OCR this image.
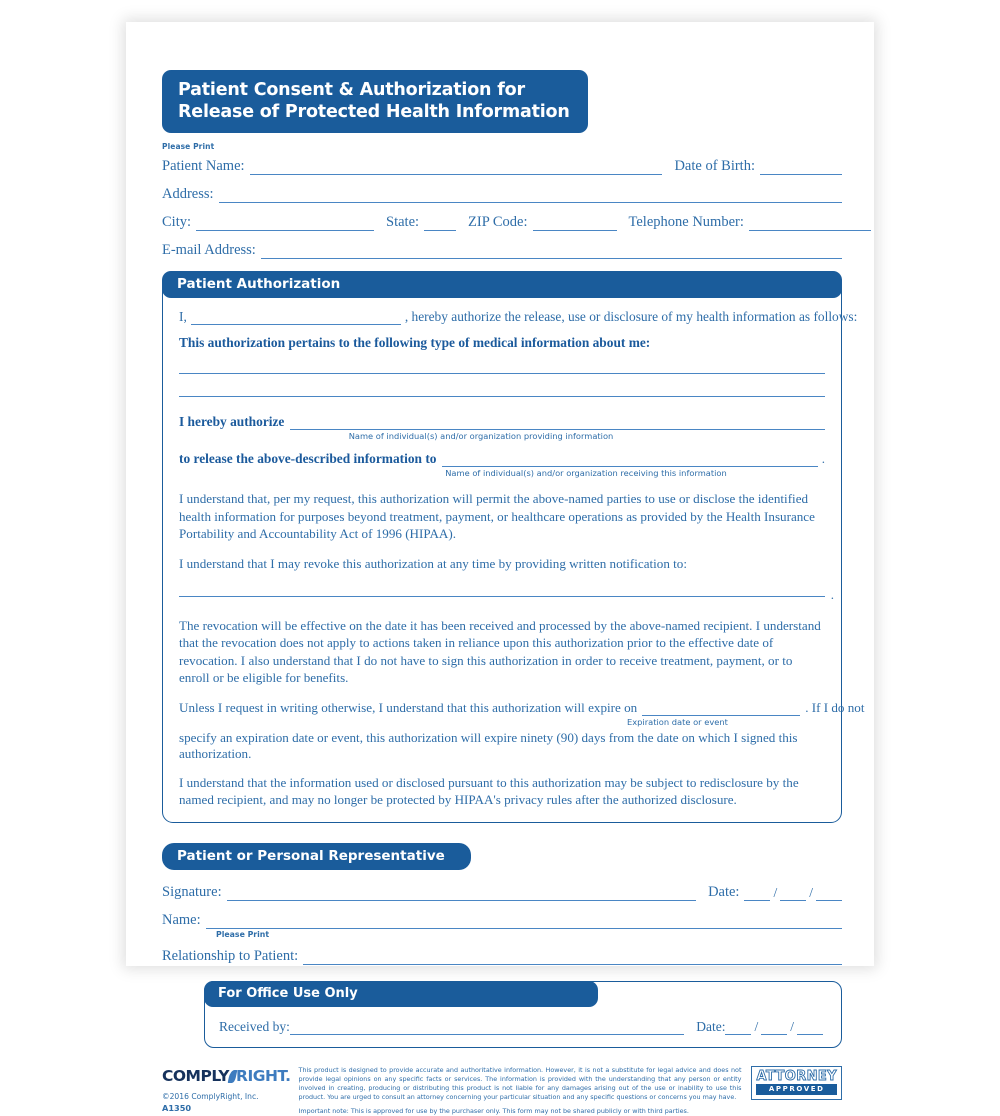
Patient Consent & Authorization for
Release of Protected Health Information
Please Print
Patient Name:	Date of Birth:
Address:
City:	State:	ZIP Code:	Telephone Number:
E-mail Address:
Patient Authorization
I,	, hereby authorize the release, use or disclosure of my health information as follows:
This authorization pertains to the following type of medical information about me:
I hereby authorize
Name of individual(s) and/or organization providing information
to release the above-described information to	.
Name of individual(s) and/or organization receiving this information
I understand that, per my request, this authorization will permit the above-named parties to use or disclose the identified health information for purposes beyond treatment, payment, or healthcare operations as provided by the Health Insurance Portability and Accountability Act of 1996 (HIPAA).
I understand that I may revoke this authorization at any time by providing written notification to:
.
The revocation will be effective on the date it has been received and processed by the above-named recipient. I understand that the revocation does not apply to actions taken in reliance upon this authorization prior to the effective date of revocation. I also understand that I do not have to sign this authorization in order to receive treatment, payment, or to enroll or be eligible for benefits.
Unless I request in writing otherwise, I understand that this authorization will expire on	. If I do not
Expiration date or event
specify an expiration date or event, this authorization will expire ninety (90) days from the date on which I signed this authorization.
I understand that the information used or disclosed pursuant to this authorization may be subject to redisclosure by the named recipient, and may no longer be protected by HIPAA's privacy rules after the authorized disclosure.
Patient or Personal Representative
Signature:	Date:	/ /
Name:
Please Print
Relationship to Patient:
For Office Use Only
Received by:	Date: / /
COMPLY RIGHT.
©2016 ComplyRight, Inc.
A1350

This product is designed to provide accurate and authoritative information. However, it is not a substitute for legal advice and does not provide legal opinions on any specific facts or services. The information is provided with the understanding that any person or entity involved in creating, producing or distributing this product is not liable for any damages arising out of the use or inability to use this product. You are urged to consult an attorney concerning your particular situation and any specific questions or concerns you may have.

Important note: This is approved for use by the purchaser only. This form may not be shared publicly or with third parties.

ATTORNEY
APPROVED
